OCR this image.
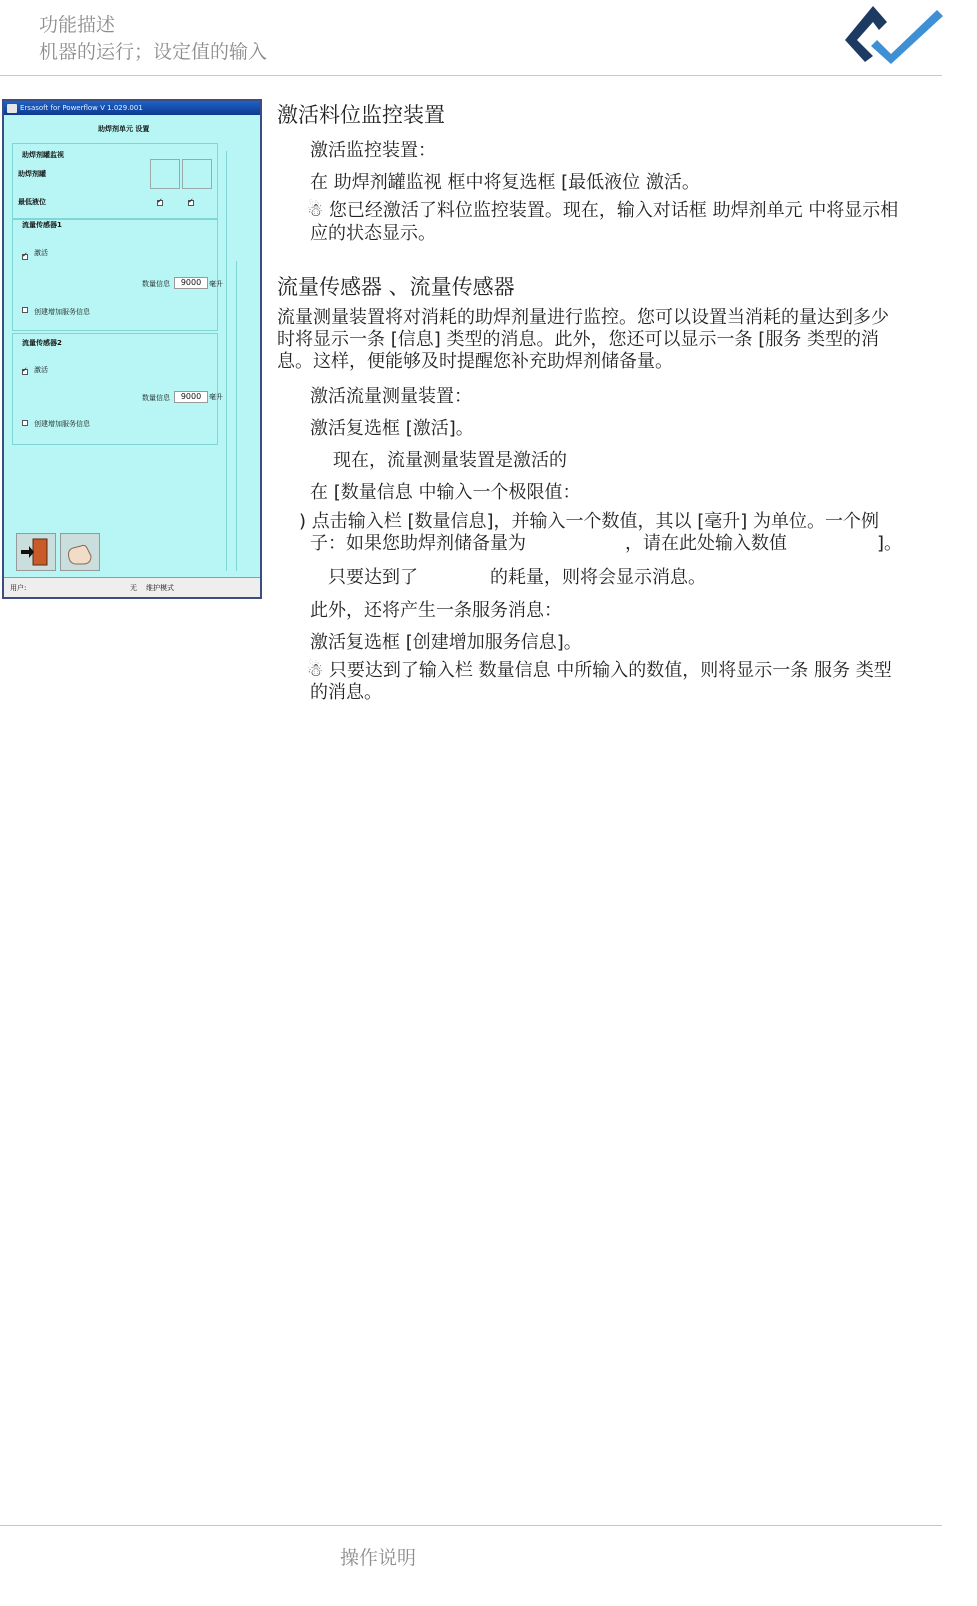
功能描述
机器的运行；设定值的输入
Ersasoft for Powerflow V 1.029.001
助焊剂单元 设置
助焊剂罐监视
助焊剂罐
最低液位
✓
✓
流量传感器1
✓
激活
数量信息	9000	毫升
创建增加服务信息
流量传感器2
✓
激活
数量信息	9000	毫升
创建增加服务信息
用户:	无 维护模式
激活料位监控装置
激活监控装置：
在 助焊剂罐监视 框中将复选框 [最低液位 激活。
☃ 您已经激活了料位监控装置。现在，输入对话框 助焊剂单元 中将显示相
应的状态显示。
流量传感器 、流量传感器
流量测量装置将对消耗的助焊剂量进行监控。您可以设置当消耗的量达到多少
时将显示一条 [信息] 类型的消息。此外，您还可以显示一条 [服务 类型的消
息。这样，便能够及时提醒您补充助焊剂储备量。
激活流量测量装置：
激活复选框 [激活]。
现在，流量测量装置是激活的
在 [数量信息 中输入一个极限值：
) 点击输入栏 [数量信息]，并输入一个数值，其以 [毫升] 为单位。一个例
子：如果您助焊剂储备量为	，请在此处输入数值	]。
只要达到了	的耗量，则将会显示消息。
此外，还将产生一条服务消息：
激活复选框 [创建增加服务信息]。
☃ 只要达到了输入栏 数量信息 中所输入的数值，则将显示一条 服务 类型
的消息。
操作说明
